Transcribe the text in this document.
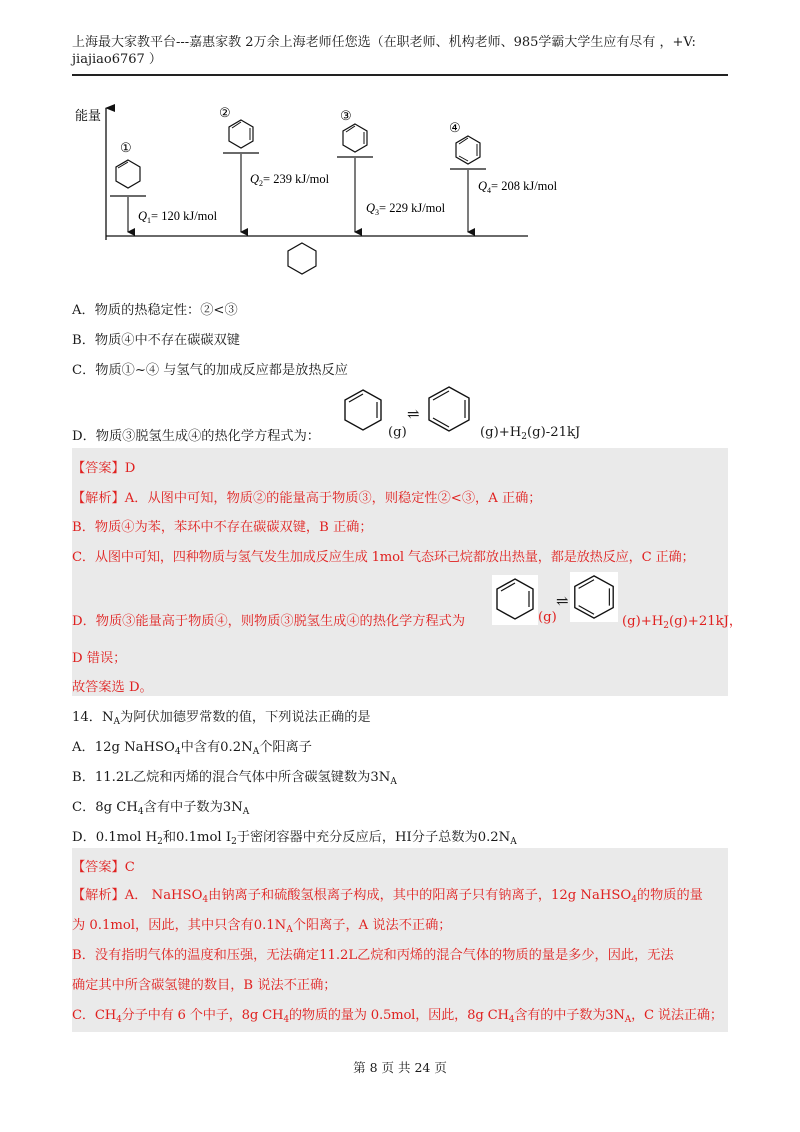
上海最大家教平台---嘉惠家教 2万余上海老师任您选（在职老师、机构老师、985学霸大学生应有尽有 ，+V:
jiajiao6767 ）
能量
①
$Q_1= 120$ kJ/mol
②
$Q_2= 239$ kJ/mol
③
$Q_3= 229$ kJ/mol
④
$Q_4= 208$ kJ/mol
A．物质的热稳定性：②<③
B．物质④中不存在碳碳双键
C．物质①~④ 与氢气的加成反应都是放热反应
D．物质③脱氢生成④的热化学方程式为：	(g)
⇌
$(g)+H_2(g)-21kJ$
【答案】D
【解析】A．从图中可知，物质②的能量高于物质③，则稳定性②<③，A 正确；
B．物质④为苯，苯环中不存在碳碳双键，B 正确；
C．从图中可知，四种物质与氢气发生加成反应生成 1mol 气态环己烷都放出热量，都是放热反应，C 正确；
D．物质③能量高于物质④，则物质③脱氢生成④的热化学方程式为	(g)
⇌
$(g)+H_2(g)+21kJ$，
D 错误；
故答案选 D。
14．$N_A$为阿伏加德罗常数的值，下列说法正确的是
A．12g NaHSO$_4$中含有$0.2N_A$个阳离子
B．11.2L乙烷和丙烯的混合气体中所含碳氢键数为$3N_A$
C．8g $CH_4$含有中子数为$3N_A$
D．0.1mol $H_2$和0.1mol $I_2$于密闭容器中充分反应后，HI分子总数为$0.2N_A$
【答案】C
【解析】A． NaHSO$_4$由钠离子和硫酸氢根离子构成，其中的阳离子只有钠离子，12g NaHSO$_4$的物质的量
为 0.1mol，因此，其中只含有$0.1N_A$个阳离子，A 说法不正确；
B．没有指明气体的温度和压强，无法确定11.2L乙烷和丙烯的混合气体的物质的量是多少，因此，无法
确定其中所含碳氢键的数目，B 说法不正确；
C．$CH_4$分子中有 6 个中子，8g $CH_4$的物质的量为 0.5mol，因此，8g $CH_4$含有的中子数为$3N_A$，C 说法正确；
第 8 页 共 24 页
